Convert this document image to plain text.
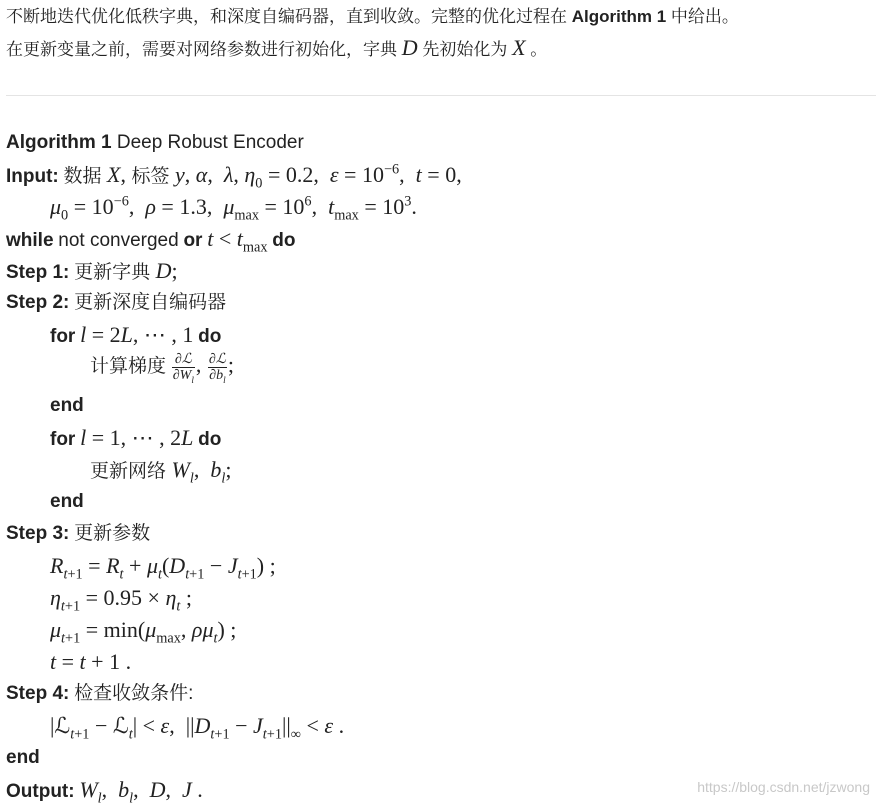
不断地迭代优化低秩字典，和深度自编码器，直到收敛。完整的优化过程在 Algorithm 1 中给出。
在更新变量之前，需要对网络参数进行初始化，字典 D 先初始化为 X 。
Algorithm 1 Deep Robust Encoder
Input: 数据 X, 标签 y, α,  λ, $\eta_0 = 0.2$,  $\varepsilon = 10^{-6}$,  t = 0,
$\mu_0 = 10^{-6}$,  ρ = 1.3,  $\mu_{max} = 10^6$,  $t_{max} = 10^3$.
while not converged or $t < t_{max}$ do
Step 1: 更新字典 D;
Step 2: 更新深度自编码器
for l = 2L, ⋯ , 1 do
计算梯度 $\frac{\text{∂ℒ}}{\partial W_l}$ , $\frac{\text{∂ℒ}}{\partial b_l}$ ;
end
for l = 1, ⋯ , 2L do
更新网络 $W_l$,  $b_l$;
end
Step 3: 更新参数
$R_{t+1} = R_t + \mu_t(D_{t+1} - J_{t+1})$ ;
$\eta_{t+1} = 0.95 \times \eta_t$ ;
$\mu_{t+1} = \min(\mu_{max}$, $\rho\mu_t$) ;
t = t + 1 .
Step 4: 检查收敛条件:
|ℒ$_{t+1}$ − ℒ$_t$| < ε,  $||D_{t+1} - J_{t+1}||_\infty < \varepsilon$ .
end
Output: $W_l$,  $b_l$,  D,  J .	https://blog.csdn.net/jzwong
